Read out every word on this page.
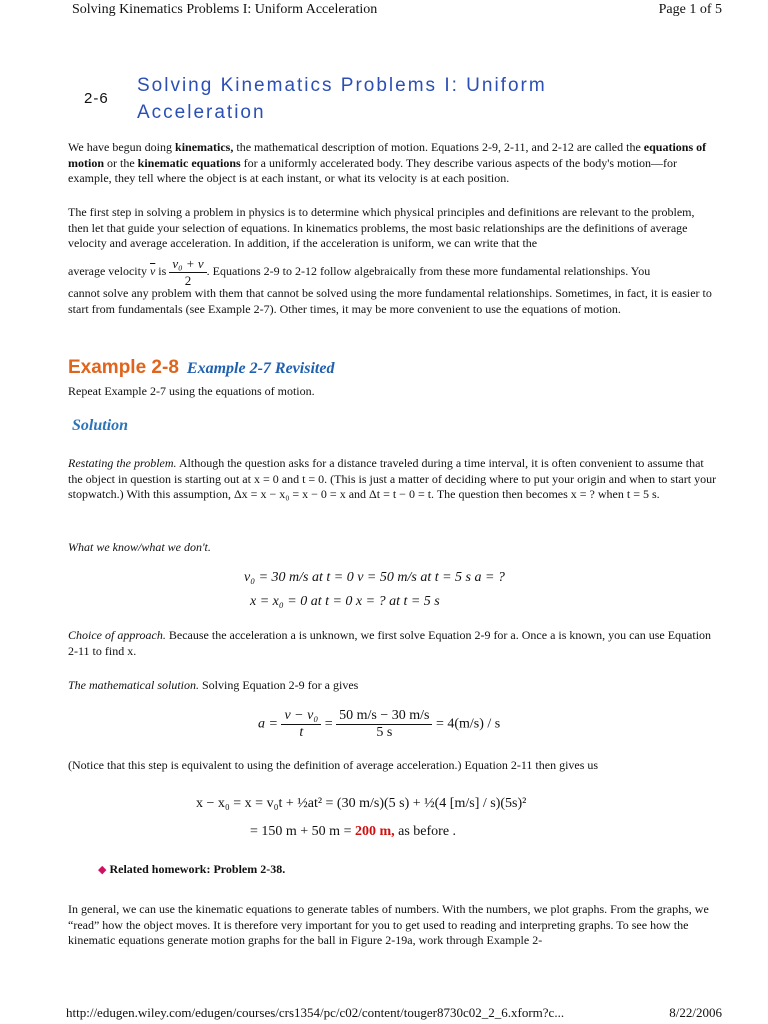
Solving Kinematics Problems I: Uniform Acceleration	Page 1 of 5
2-6
Solving Kinematics Problems I: Uniform Acceleration
We have begun doing kinematics, the mathematical description of motion. Equations 2-9, 2-11, and 2-12 are called the equations of motion or the kinematic equations for a uniformly accelerated body. They describe various aspects of the body's motion—for example, they tell where the object is at each instant, or what its velocity is at each position.
The first step in solving a problem in physics is to determine which physical principles and definitions are relevant to the problem, then let that guide your selection of equations. In kinematics problems, the most basic relationships are the definitions of average velocity and average acceleration. In addition, if the acceleration is uniform, we can write that the
average velocity $\overline{v}$ is $\frac{\text{v₀ + v}}{2}$ . Equations 2-9 to 2-12 follow algebraically from these more fundamental relationships. You
cannot solve any problem with them that cannot be solved using the more fundamental relationships. Sometimes, in fact, it is easier to start from fundamentals (see Example 2-7). Other times, it may be more convenient to use the equations of motion.
Example 2-8 Example 2-7 Revisited
Repeat Example 2-7 using the equations of motion.
Solution
Restating the problem. Although the question asks for a distance traveled during a time interval, it is often convenient to assume that the object in question is starting out at x = 0 and t = 0. (This is just a matter of deciding where to put your origin and when to start your stopwatch.) With this assumption, Δx = x − x₀ = x − 0 = x and Δt = t − 0 = t. The question then becomes x = ? when t = 5 s.
What we know/what we don't.
v₀ = 30 m/s at t = 0 v = 50 m/s at t = 5 s a = ?
x = x₀ = 0 at t = 0 x = ? at t = 5 s
Choice of approach. Because the acceleration a is unknown, we first solve Equation 2-9 for a. Once a is known, you can use Equation 2-11 to find x.
The mathematical solution. Solving Equation 2-9 for a gives
$a = \frac{\text{v − v₀}}{t} = \frac{50 m/s - 30 m/s}{5 s} = 4(m/s) / s$
(Notice that this step is equivalent to using the definition of average acceleration.) Equation 2-11 then gives us
x − x₀ = x = v₀t + ½at² = (30 m/s)(5 s) + ½(4 [m/s] / s)(5s)²
= 150 m + 50 m = 200 m, as before .
◆ Related homework: Problem 2-38.
In general, we can use the kinematic equations to generate tables of numbers. With the numbers, we plot graphs. From the graphs, we “read” how the object moves. It is therefore very important for you to get used to reading and interpreting graphs. To see how the kinematic equations generate motion graphs for the ball in Figure 2-19a, work through Example 2-
http://edugen.wiley.com/edugen/courses/crs1354/pc/c02/content/touger8730c02_2_6.xform?c...	8/22/2006
